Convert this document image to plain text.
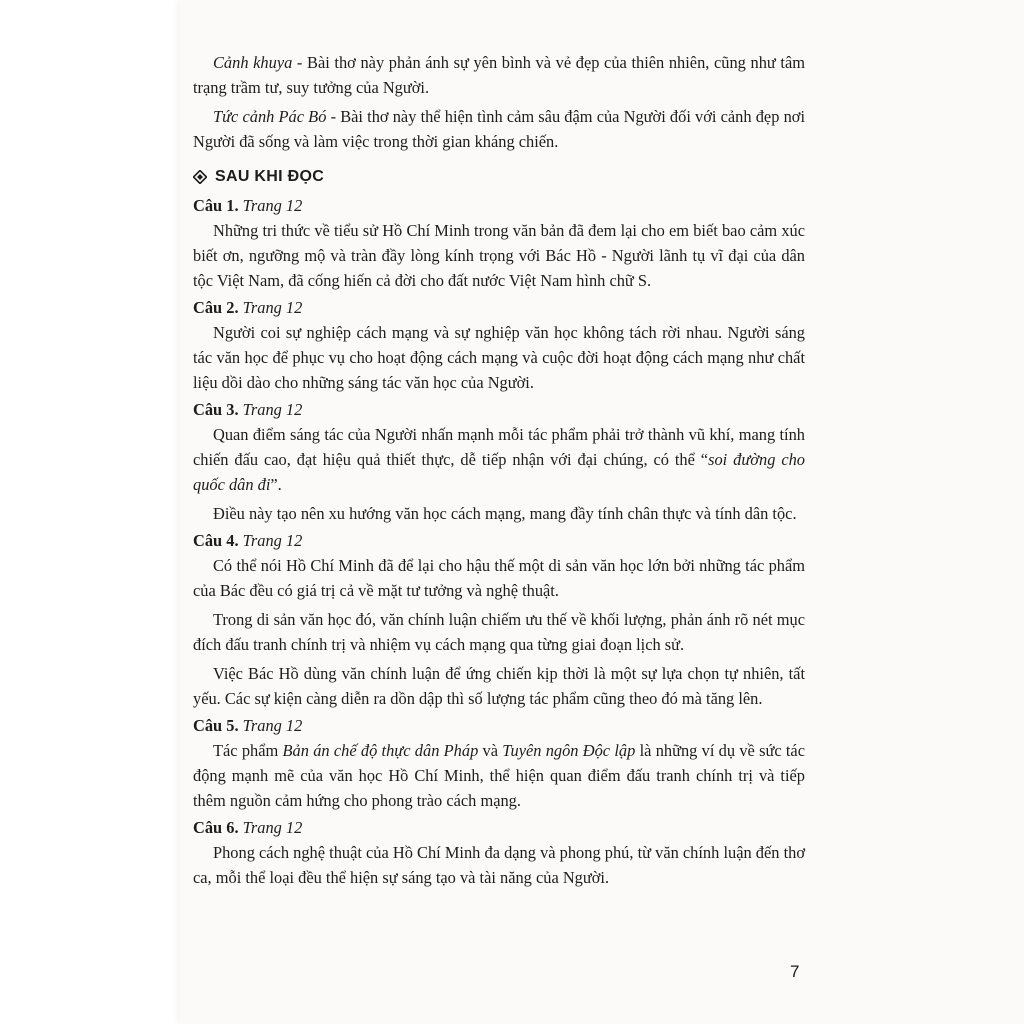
Cảnh khuya - Bài thơ này phản ánh sự yên bình và vẻ đẹp của thiên nhiên, cũng như tâm trạng trầm tư, suy tưởng của Người.

Tức cảnh Pác Bó - Bài thơ này thể hiện tình cảm sâu đậm của Người đối với cảnh đẹp nơi Người đã sống và làm việc trong thời gian kháng chiến.

SAU KHI ĐỌC
Câu 1. Trang 12

Những tri thức về tiểu sử Hồ Chí Minh trong văn bản đã đem lại cho em biết bao cảm xúc biết ơn, ngưỡng mộ và tràn đầy lòng kính trọng với Bác Hồ - Người lãnh tụ vĩ đại của dân tộc Việt Nam, đã cống hiến cả đời cho đất nước Việt Nam hình chữ S.

Câu 2. Trang 12

Người coi sự nghiệp cách mạng và sự nghiệp văn học không tách rời nhau. Người sáng tác văn học để phục vụ cho hoạt động cách mạng và cuộc đời hoạt động cách mạng như chất liệu dồi dào cho những sáng tác văn học của Người.

Câu 3. Trang 12

Quan điểm sáng tác của Người nhấn mạnh mỗi tác phẩm phải trở thành vũ khí, mang tính chiến đấu cao, đạt hiệu quả thiết thực, dễ tiếp nhận với đại chúng, có thể “soi đường cho quốc dân đi”.

Điều này tạo nên xu hướng văn học cách mạng, mang đầy tính chân thực và tính dân tộc.

Câu 4. Trang 12

Có thể nói Hồ Chí Minh đã để lại cho hậu thế một di sản văn học lớn bởi những tác phẩm của Bác đều có giá trị cả về mặt tư tưởng và nghệ thuật.

Trong di sản văn học đó, văn chính luận chiếm ưu thế về khối lượng, phản ánh rõ nét mục đích đấu tranh chính trị và nhiệm vụ cách mạng qua từng giai đoạn lịch sử.

Việc Bác Hồ dùng văn chính luận để ứng chiến kịp thời là một sự lựa chọn tự nhiên, tất yếu. Các sự kiện càng diễn ra dồn dập thì số lượng tác phẩm cũng theo đó mà tăng lên.

Câu 5. Trang 12

Tác phẩm Bản án chế độ thực dân Pháp và Tuyên ngôn Độc lập là những ví dụ về sức tác động mạnh mẽ của văn học Hồ Chí Minh, thể hiện quan điểm đấu tranh chính trị và tiếp thêm nguồn cảm hứng cho phong trào cách mạng.

Câu 6. Trang 12

Phong cách nghệ thuật của Hồ Chí Minh đa dạng và phong phú, từ văn chính luận đến thơ ca, mỗi thể loại đều thể hiện sự sáng tạo và tài năng của Người.

7
